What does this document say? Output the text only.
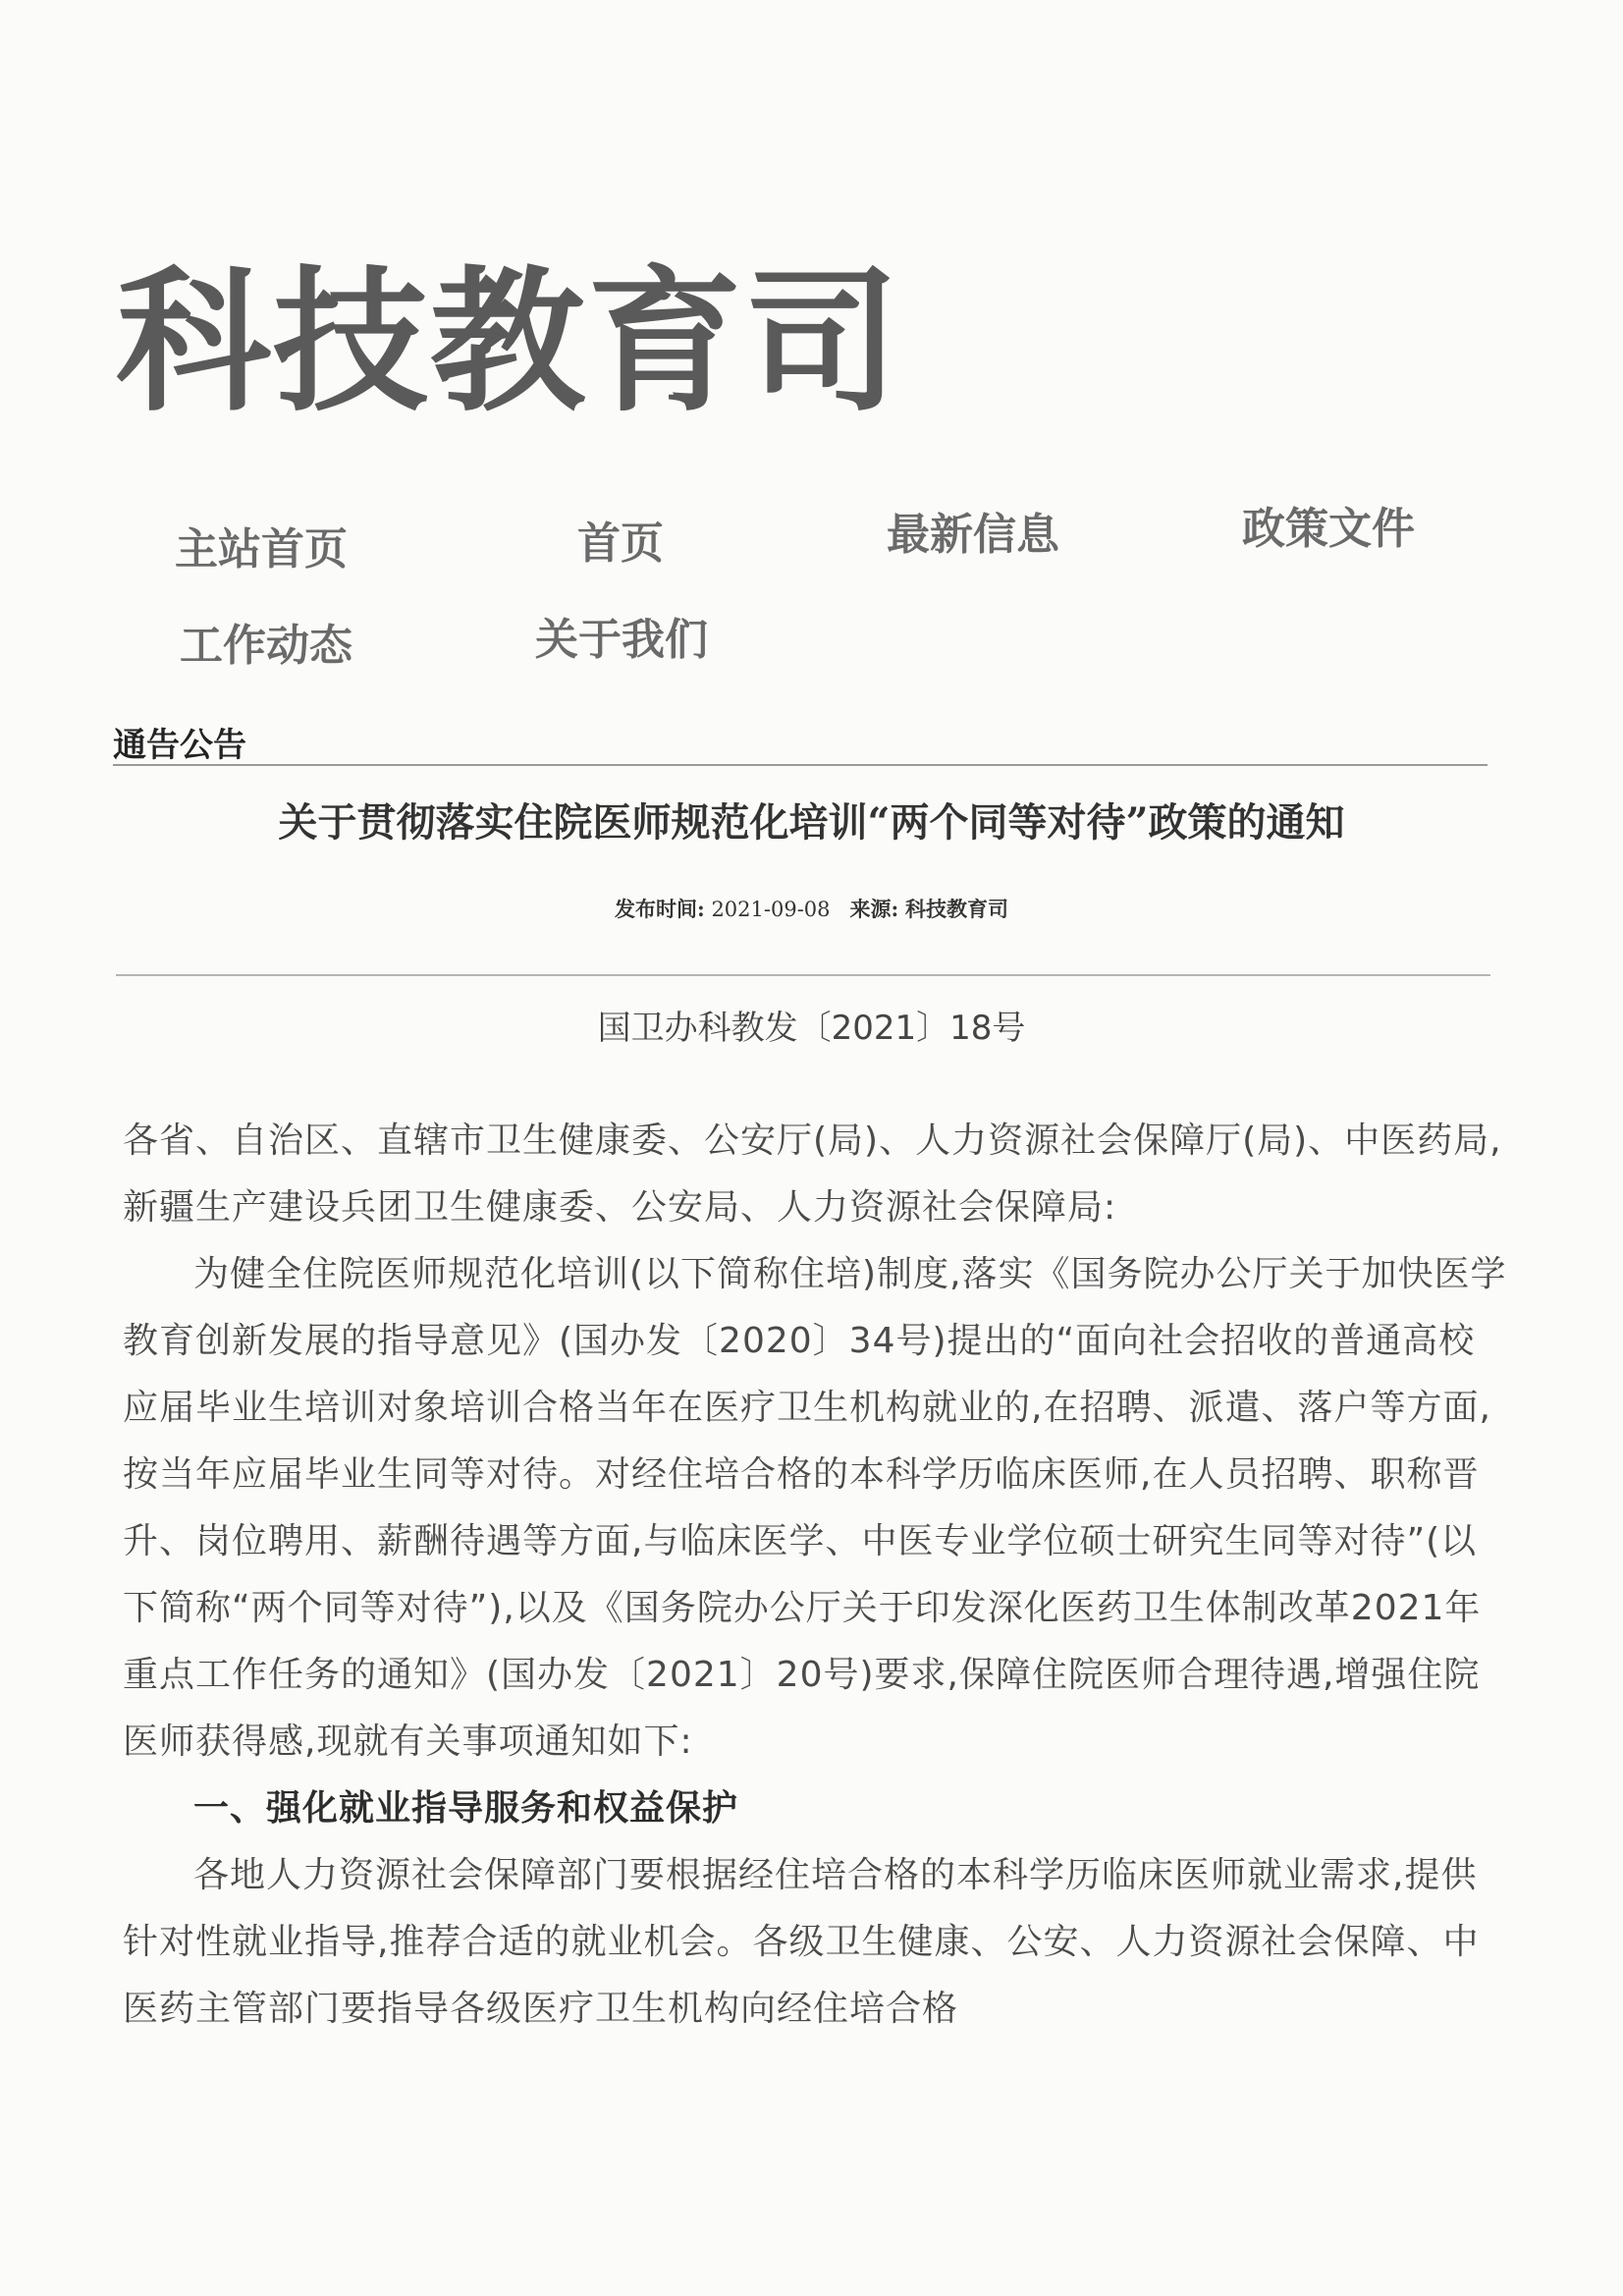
科技教育司
主站首页	首页	最新信息	政策文件
工作动态	关于我们
通告公告
关于贯彻落实住院医师规范化培训“两个同等对待”政策的通知
发布时间: 2021-09-08 来源: 科技教育司
国卫办科教发〔2021〕18号

各省、自治区、直辖市卫生健康委、公安厅(局)、人力资源社会保障厅(局)、中医药局,新疆生产建设兵团卫生健康委、公安局、人力资源社会保障局:

为健全住院医师规范化培训(以下简称住培)制度,落实《国务院办公厅关于加快医学教育创新发展的指导意见》(国办发〔2020〕34号)提出的“面向社会招收的普通高校应届毕业生培训对象培训合格当年在医疗卫生机构就业的,在招聘、派遣、落户等方面,按当年应届毕业生同等对待。对经住培合格的本科学历临床医师,在人员招聘、职称晋升、岗位聘用、薪酬待遇等方面,与临床医学、中医专业学位硕士研究生同等对待”(以下简称“两个同等对待”),以及《国务院办公厅关于印发深化医药卫生体制改革2021年重点工作任务的通知》(国办发〔2021〕20号)要求,保障住院医师合理待遇,增强住院医师获得感,现就有关事项通知如下:

一、强化就业指导服务和权益保护

各地人力资源社会保障部门要根据经住培合格的本科学历临床医师就业需求,提供针对性就业指导,推荐合适的就业机会。各级卫生健康、公安、人力资源社会保障、中医药主管部门要指导各级医疗卫生机构向经住培合格
